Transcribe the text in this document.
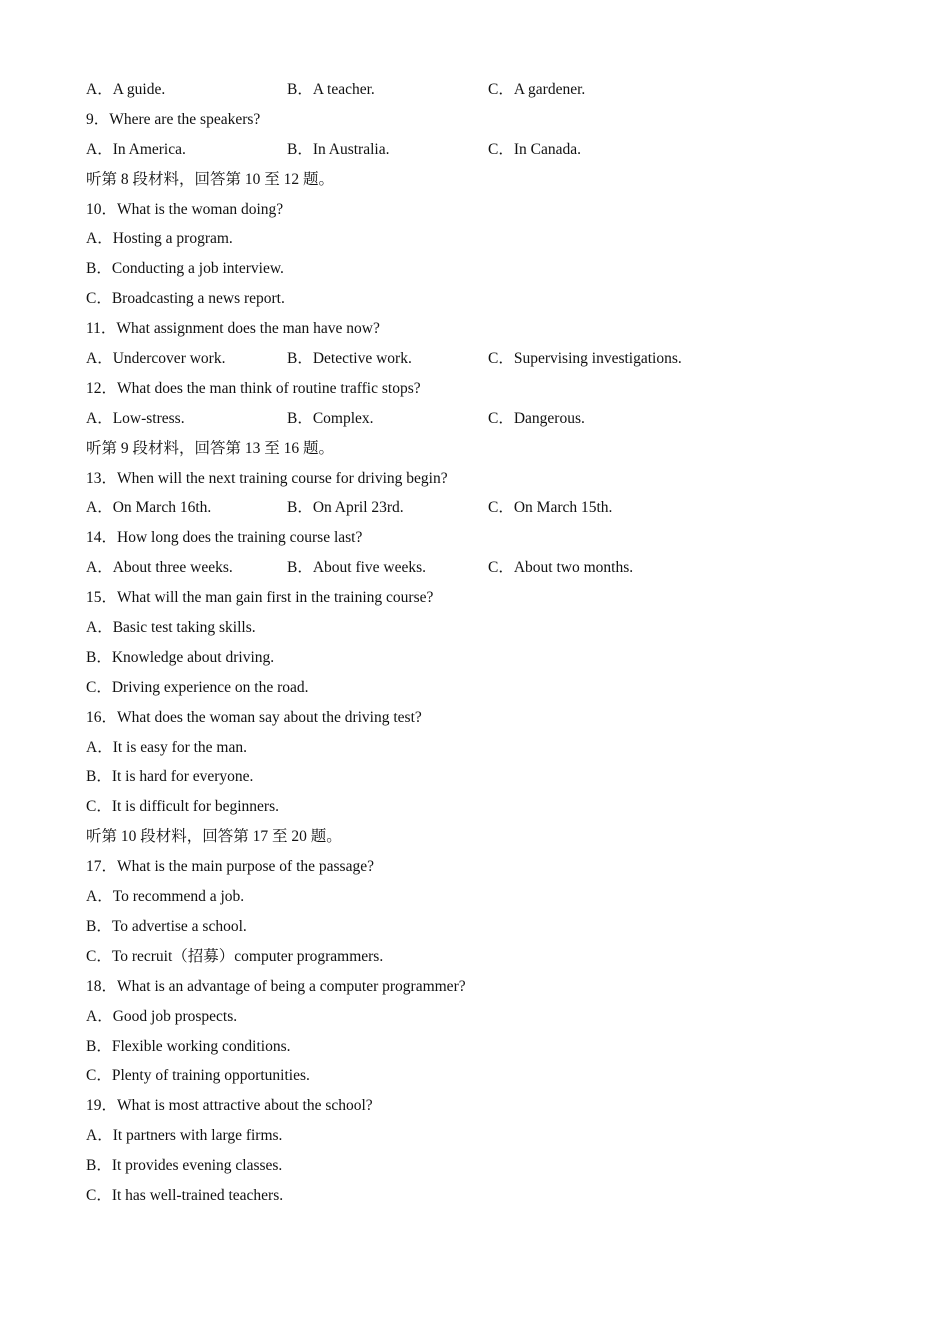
A．A guide.	B．A teacher.	C．A gardener.
9．Where are the speakers?
A．In America.	B．In Australia.	C．In Canada.
听第 8 段材料，回答第 10 至 12 题。
10．What is the woman doing?
A．Hosting a program.
B．Conducting a job interview.
C．Broadcasting a news report.
11．What assignment does the man have now?
A．Undercover work.	B．Detective work.	C．Supervising investigations.
12．What does the man think of routine traffic stops?
A．Low-stress.	B．Complex.	C．Dangerous.
听第 9 段材料，回答第 13 至 16 题。
13．When will the next training course for driving begin?
A．On March 16th.	B．On April 23rd.	C．On March 15th.
14．How long does the training course last?
A．About three weeks.	B．About five weeks.	C．About two months.
15．What will the man gain first in the training course?
A．Basic test taking skills.
B．Knowledge about driving.
C．Driving experience on the road.
16．What does the woman say about the driving test?
A．It is easy for the man.
B．It is hard for everyone.
C．It is difficult for beginners.
听第 10 段材料，回答第 17 至 20 题。
17．What is the main purpose of the passage?
A．To recommend a job.
B．To advertise a school.
C．To recruit（招募）computer programmers.
18．What is an advantage of being a computer programmer?
A．Good job prospects.
B．Flexible working conditions.
C．Plenty of training opportunities.
19．What is most attractive about the school?
A．It partners with large firms.
B．It provides evening classes.
C．It has well-trained teachers.
